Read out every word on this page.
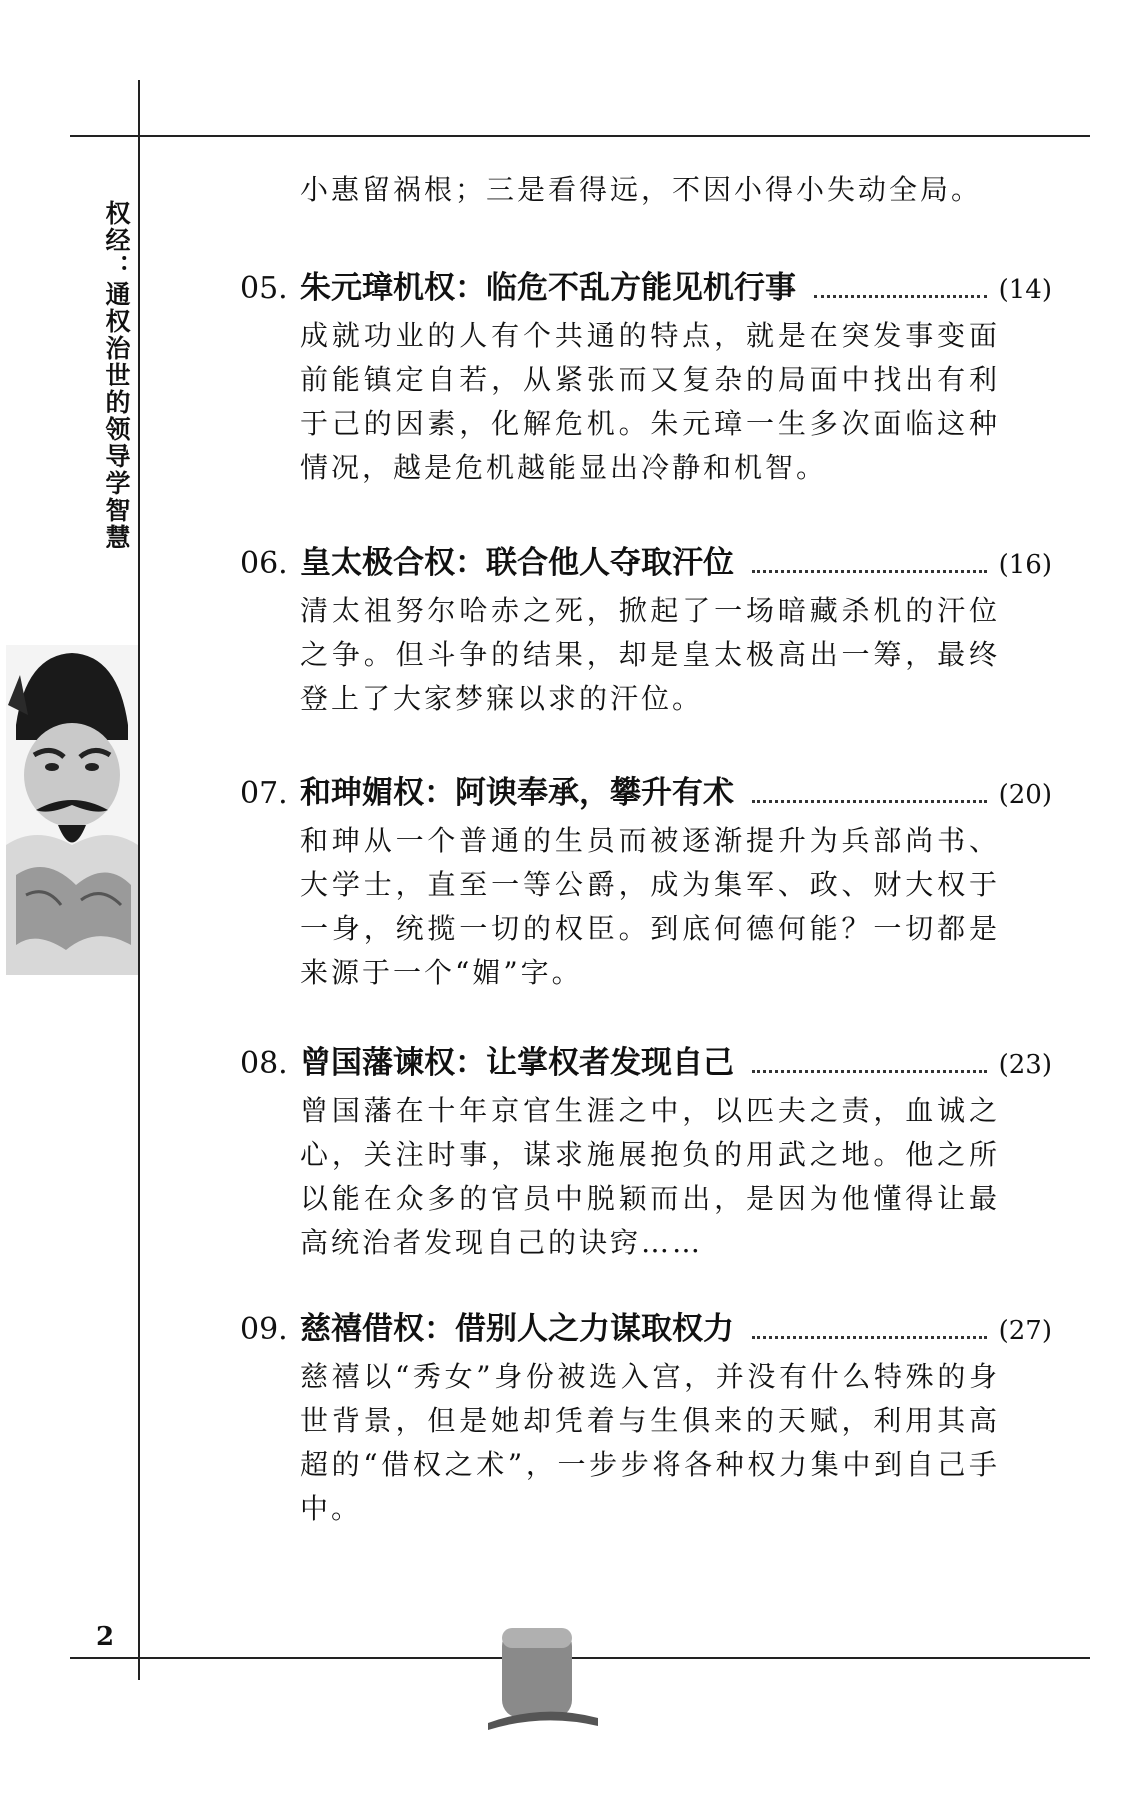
权经：通权治世的领导学智慧
2
小惠留祸根；三是看得远，不因小得小失动全局。
05. 朱元璋机权：临危不乱方能见机行事	(14)
成就功业的人有个共通的特点，就是在突发事变面前能镇定自若，从紧张而又复杂的局面中找出有利于己的因素，化解危机。朱元璋一生多次面临这种情况，越是危机越能显出冷静和机智。
06. 皇太极合权：联合他人夺取汗位	(16)
清太祖努尔哈赤之死，掀起了一场暗藏杀机的汗位之争。但斗争的结果，却是皇太极高出一筹，最终登上了大家梦寐以求的汗位。
07. 和珅媚权：阿谀奉承，攀升有术	(20)
和珅从一个普通的生员而被逐渐提升为兵部尚书、大学士，直至一等公爵，成为集军、政、财大权于一身，统揽一切的权臣。到底何德何能？一切都是来源于一个“媚”字。
08. 曾国藩谏权：让掌权者发现自己	(23)
曾国藩在十年京官生涯之中，以匹夫之责，血诚之心，关注时事，谋求施展抱负的用武之地。他之所以能在众多的官员中脱颖而出，是因为他懂得让最高统治者发现自己的诀窍……
09. 慈禧借权：借别人之力谋取权力	(27)
慈禧以“秀女”身份被选入宫，并没有什么特殊的身世背景，但是她却凭着与生俱来的天赋，利用其高超的“借权之术”，一步步将各种权力集中到自己手中。
